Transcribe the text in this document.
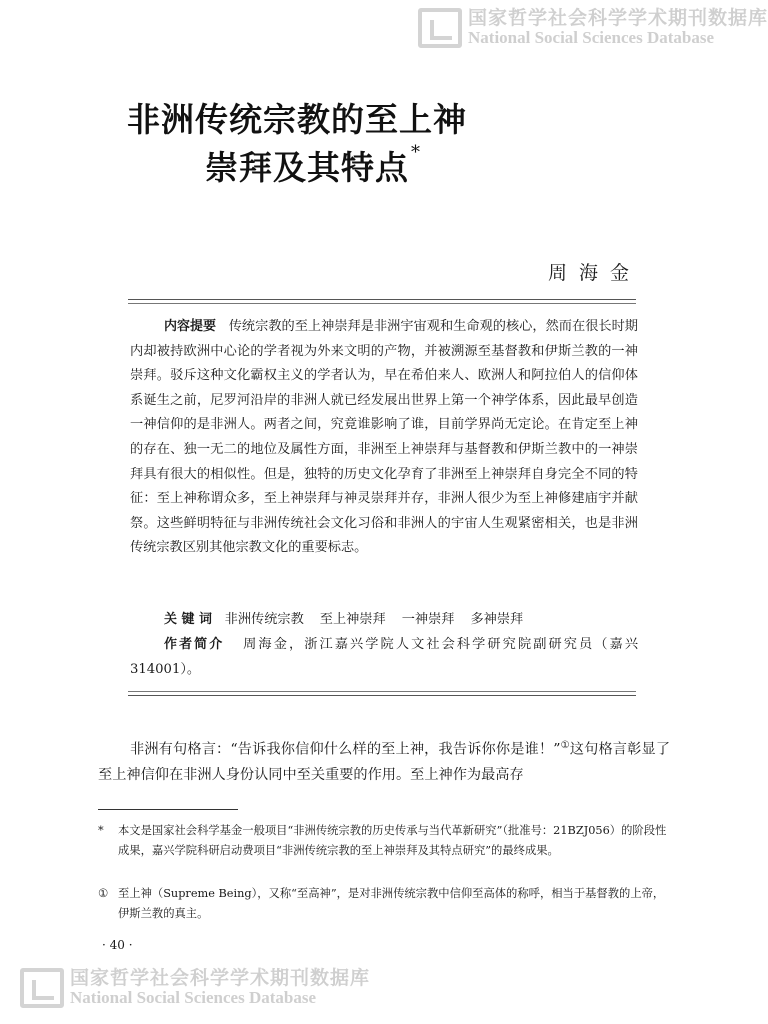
国家哲学社会科学学术期刊数据库
National Social Sciences Database
非洲传统宗教的至上神
崇拜及其特点 *
周海金

内容提要 传统宗教的至上神崇拜是非洲宇宙观和生命观的核心，然而在很长时期内却被持欧洲中心论的学者视为外来文明的产物，并被溯源至基督教和伊斯兰教的一神崇拜。驳斥这种文化霸权主义的学者认为，早在希伯来人、欧洲人和阿拉伯人的信仰体系诞生之前，尼罗河沿岸的非洲人就已经发展出世界上第一个神学体系，因此最早创造一神信仰的是非洲人。两者之间，究竟谁影响了谁，目前学界尚无定论。在肯定至上神的存在、独一无二的地位及属性方面，非洲至上神崇拜与基督教和伊斯兰教中的一神崇拜具有很大的相似性。但是，独特的历史文化孕育了非洲至上神崇拜自身完全不同的特征：至上神称谓众多，至上神崇拜与神灵崇拜并存，非洲人很少为至上神修建庙宇并献祭。这些鲜明特征与非洲传统社会文化习俗和非洲人的宇宙人生观紧密相关，也是非洲传统宗教区别其他宗教文化的重要标志。

关 键 词 非洲传统宗教 至上神崇拜 一神崇拜 多神崇拜

作者简介 周海金，浙江嘉兴学院人文社会科学研究院副研究员（嘉兴　314001）。

非洲有句格言：“告诉我你信仰什么样的至上神，我告诉你你是谁！”①这句格言彰显了至上神信仰在非洲人身份认同中至关重要的作用。至上神作为最高存

* 本文是国家社会科学基金一般项目“非洲传统宗教的历史传承与当代革新研究”（批准号：21BZJ056）的阶段性成果，嘉兴学院科研启动费项目“非洲传统宗教的至上神崇拜及其特点研究”的最终成果。

① 至上神（Supreme Being），又称“至高神”，是对非洲传统宗教中信仰至高体的称呼，相当于基督教的上帝，伊斯兰教的真主。

· 40 ·
国家哲学社会科学学术期刊数据库
National Social Sciences Database
